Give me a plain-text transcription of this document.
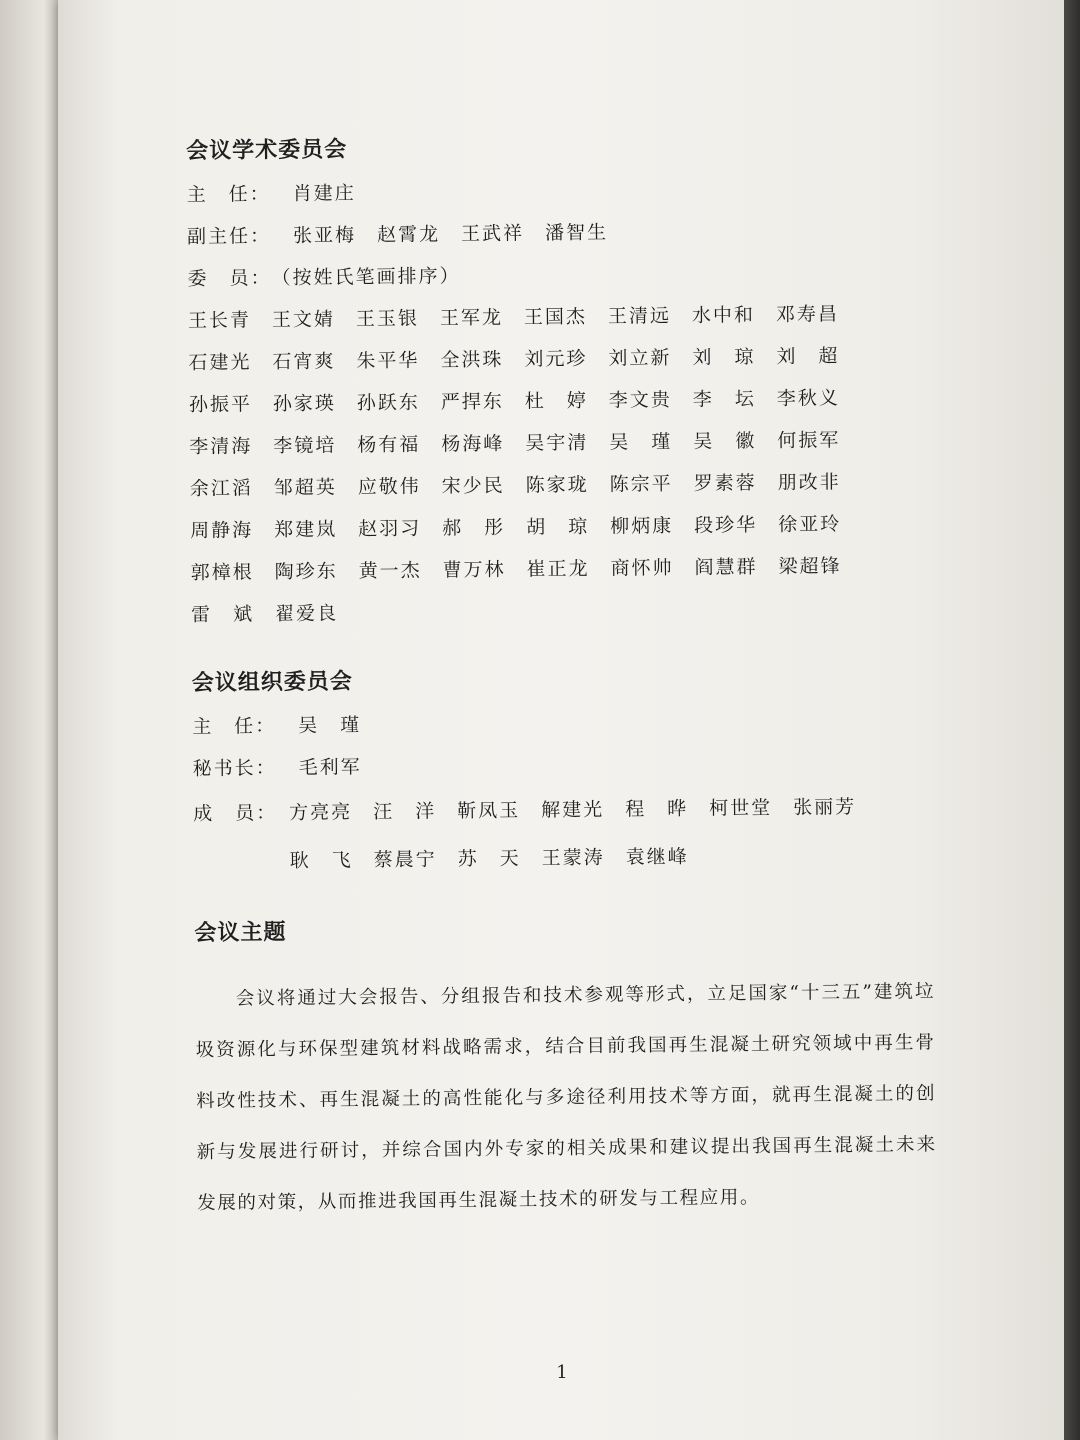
会议学术委员会
主　任：	肖建庄
副主任：	张亚梅	赵霄龙	王武祥	潘智生
委　员： （按姓氏笔画排序）
王长青	王文婧	王玉银	王军龙	王国杰	王清远	水中和	邓寿昌
石建光	石宵爽	朱平华	全洪珠	刘元珍	刘立新	刘　琼	刘　超
孙振平	孙家瑛	孙跃东	严捍东	杜　婷	李文贵	李　坛	李秋义
李清海	李镜培	杨有福	杨海峰	吴宇清	吴　瑾	吴　徽	何振军
余江滔	邹超英	应敬伟	宋少民	陈家珑	陈宗平	罗素蓉	朋改非
周静海	郑建岚	赵羽习	郝　彤	胡　琼	柳炳康	段珍华	徐亚玲
郭樟根	陶珍东	黄一杰	曹万林	崔正龙	商怀帅	阎慧群	梁超锋
雷　斌	翟爱良
会议组织委员会
主　任：	吴　瑾
秘书长：	毛利军
成　员： 方亮亮	汪　洋	靳凤玉	解建光	程　晔	柯世堂	张丽芳
耿　飞	蔡晨宁	苏　天	王蒙涛	袁继峰
会议主题

会议将通过大会报告、分组报告和技术参观等形式，立足国家“十三五”建筑垃圾资源化与环保型建筑材料战略需求，结合目前我国再生混凝土研究领域中再生骨料改性技术、再生混凝土的高性能化与多途径利用技术等方面，就再生混凝土的创新与发展进行研讨，并综合国内外专家的相关成果和建议提出我国再生混凝土未来发展的对策，从而推进我国再生混凝土技术的研发与工程应用。

1
